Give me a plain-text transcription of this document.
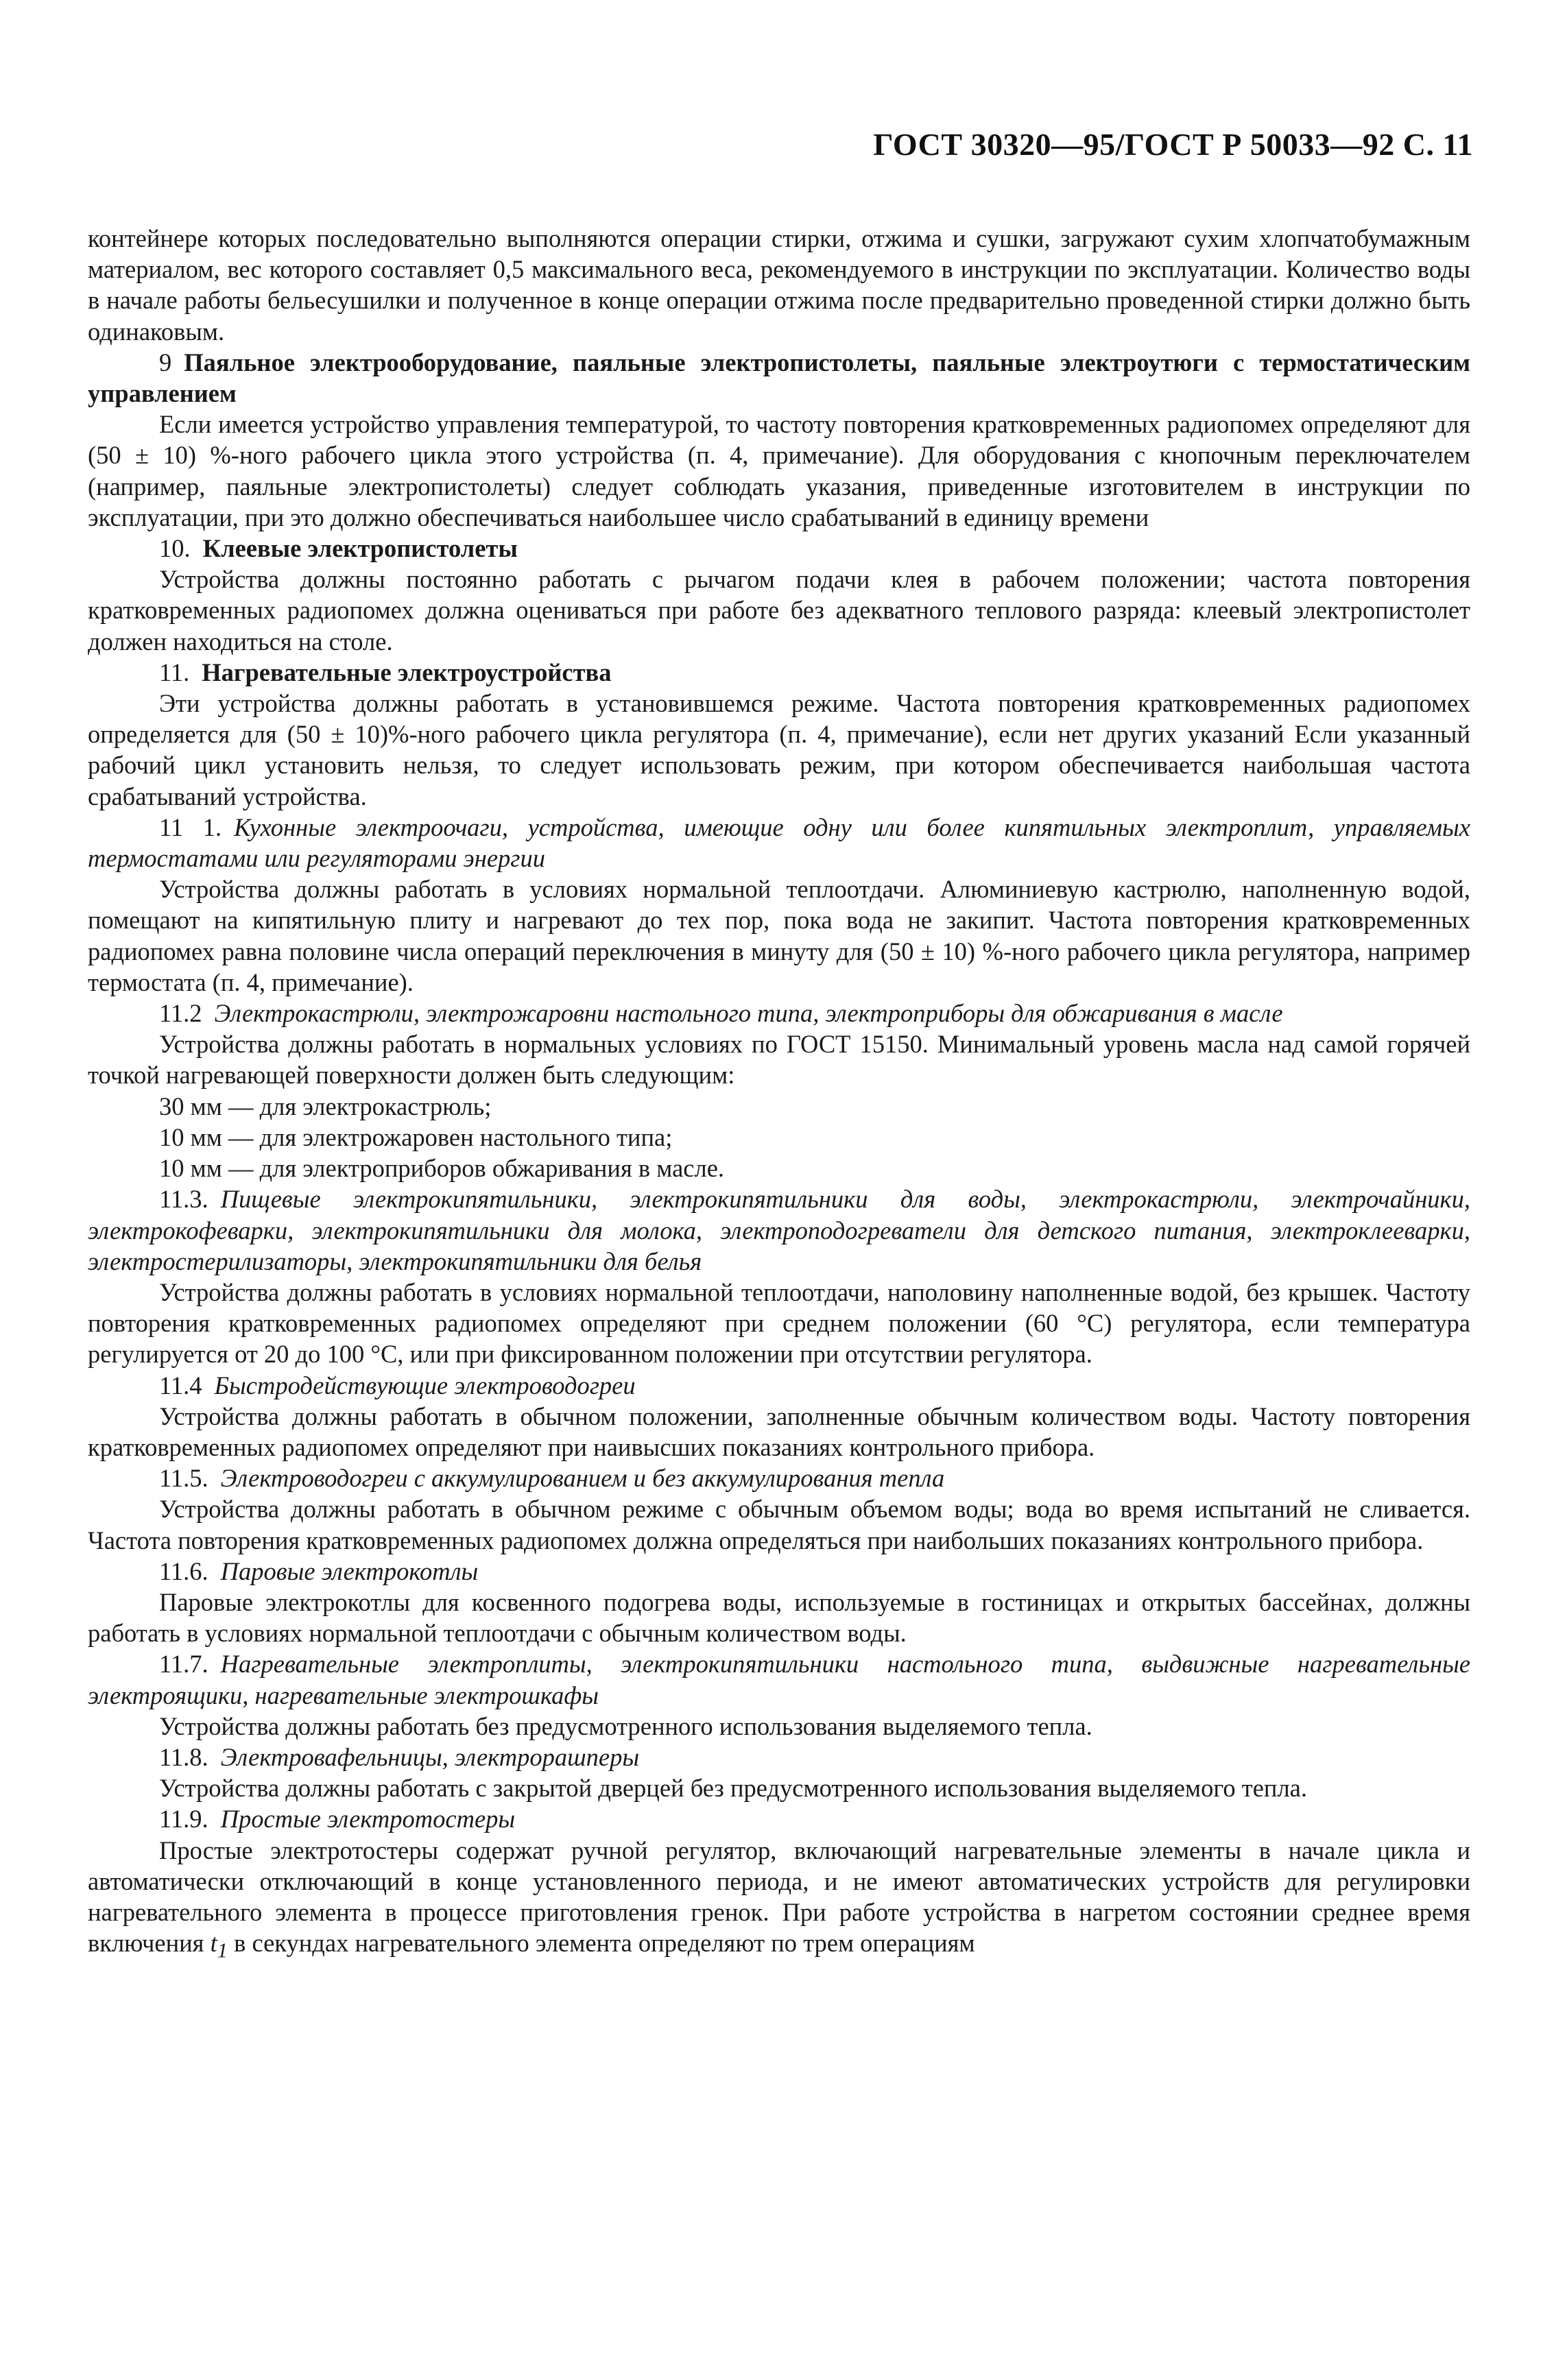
ГОСТ 30320—95/ГОСТ Р 50033—92 С. 11

контейнере которых последовательно выполняются операции стирки, отжима и сушки, загружают сухим хлопчатобумажным материалом, вес которого составляет 0,5 максимального веса, рекомендуемого в инструкции по эксплуатации. Количество воды в начале работы бельесушилки и полученное в конце операции отжима после предварительно проведенной стирки должно быть одинаковым.

9 Паяльное электрооборудование, паяльные электропистолеты, паяльные электроутюги с термостатическим управлением

Если имеется устройство управления температурой, то частоту повторения кратковременных радиопомех определяют для (50 ± 10) %-ного рабочего цикла этого устройства (п. 4, примечание). Для оборудования с кнопочным переключателем (например, паяльные электропистолеты) следует соблюдать указания, приведенные изготовителем в инструкции по эксплуатации, при это должно обеспечиваться наибольшее число срабатываний в единицу времени

10. Клеевые электропистолеты

Устройства должны постоянно работать с рычагом подачи клея в рабочем положении; частота повторения кратковременных радиопомех должна оцениваться при работе без адекватного теплового разряда: клеевый электропистолет должен находиться на столе.

11. Нагревательные электроустройства

Эти устройства должны работать в установившемся режиме. Частота повторения кратковременных радиопомех определяется для (50 ± 10)%-ного рабочего цикла регулятора (п. 4, примечание), если нет других указаний Если указанный рабочий цикл установить нельзя, то следует использовать режим, при котором обеспечивается наибольшая частота срабатываний устройства.

11 1. Кухонные электроочаги, устройства, имеющие одну или более кипятильных электроплит, управляемых термостатами или регуляторами энергии

Устройства должны работать в условиях нормальной теплоотдачи. Алюминиевую кастрюлю, наполненную водой, помещают на кипятильную плиту и нагревают до тех пор, пока вода не закипит. Частота повторения кратковременных радиопомех равна половине числа операций переключения в минуту для (50 ± 10) %-ного рабочего цикла регулятора, например термостата (п. 4, примечание).

11.2 Электрокастрюли, электрожаровни настольного типа, электроприборы для обжаривания в масле

Устройства должны работать в нормальных условиях по ГОСТ 15150. Минимальный уровень масла над самой горячей точкой нагревающей поверхности должен быть следующим:

30 мм — для электрокастрюль;

10 мм — для электрожаровен настольного типа;

10 мм — для электроприборов обжаривания в масле.

11.3. Пищевые электрокипятильники, электрокипятильники для воды, электрокастрюли, электрочайники, электрокофеварки, электрокипятильники для молока, электроподогреватели для детского питания, электроклееварки, электростерилизаторы, электрокипятильники для белья

Устройства должны работать в условиях нормальной теплоотдачи, наполовину наполненные водой, без крышек. Частоту повторения кратковременных радиопомех определяют при среднем положении (60 °С) регулятора, если температура регулируется от 20 до 100 °С, или при фиксированном положении при отсутствии регулятора.

11.4 Быстродействующие электроводогреи

Устройства должны работать в обычном положении, заполненные обычным количеством воды. Частоту повторения кратковременных радиопомех определяют при наивысших показаниях контрольного прибора.

11.5. Электроводогреи с аккумулированием и без аккумулирования тепла

Устройства должны работать в обычном режиме с обычным объемом воды; вода во время испытаний не сливается. Частота повторения кратковременных радиопомех должна определяться при наибольших показаниях контрольного прибора.

11.6. Паровые электрокотлы

Паровые электрокотлы для косвенного подогрева воды, используемые в гостиницах и открытых бассейнах, должны работать в условиях нормальной теплоотдачи с обычным количеством воды.

11.7. Нагревательные электроплиты, электрокипятильники настольного типа, выдвижные нагревательные электроящики, нагревательные электрошкафы

Устройства должны работать без предусмотренного использования выделяемого тепла.

11.8. Электровафельницы, электрорашперы

Устройства должны работать с закрытой дверцей без предусмотренного использования выделяемого тепла.

11.9. Простые электротостеры

Простые электротостеры содержат ручной регулятор, включающий нагревательные элементы в начале цикла и автоматически отключающий в конце установленного периода, и не имеют автоматических устройств для регулировки нагревательного элемента в процессе приготовления гренок. При работе устройства в нагретом состоянии среднее время включения $t_1$ в секундах нагревательного элемента определяют по трем операциям
